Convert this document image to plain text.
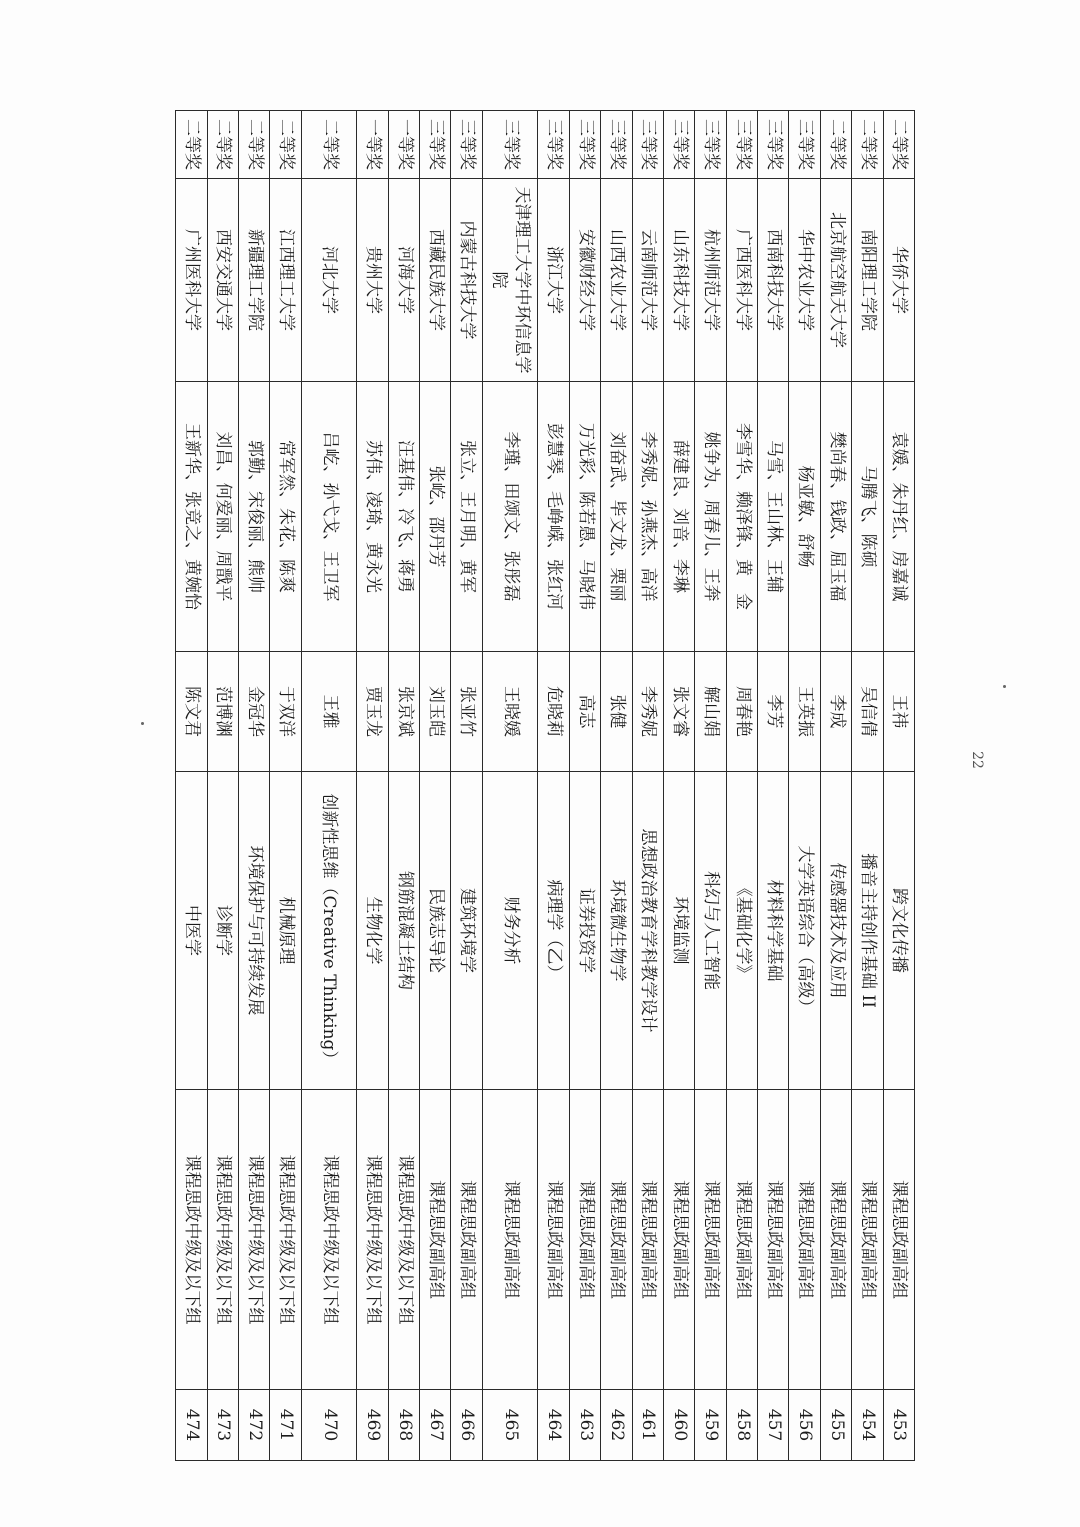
二等奖	华侨大学	袁媛、朱丹红、房嘉诚	王祎	跨文化传播	课程思政副高组	453
二等奖	南阳理工学院	马腾飞、陈硕	吴信倩	播音主持创作基础 II	课程思政副高组	454
二等奖	北京航空航天大学	樊尚春、钱政、屈玉福	李成	传感器技术及应用	课程思政副高组	455
三等奖	华中农业大学	杨亚敏、舒畅	王英振	大学英语综合（高级）	课程思政副高组	456
三等奖	西南科技大学	马雪、王山林、王辅	李芳	材料科学基础	课程思政副高组	457
三等奖	广西医科大学	李雪华、赖泽锋、黄　金	周春艳	《基础化学》	课程思政副高组	458
三等奖	杭州师范大学	姚争为、周春儿、王奔	解山娟	科幻与人工智能	课程思政副高组	459
三等奖	山东科技大学	薛建良、刘音、李琳	张文睿	环境监测	课程思政副高组	460
三等奖	云南师范大学	李秀妮、孙燕杰、高洋	李秀妮	思想政治教育学科教学设计	课程思政副高组	461
三等奖	山西农业大学	刘奋武、毕文龙、栗丽	张健	环境微生物学	课程思政副高组	462
三等奖	安徽财经大学	万光彩、陈若愚、马晓伟	高志	证券投资学	课程思政副高组	463
三等奖	浙江大学	彭慧琴、毛峥嵘、张红河	危晓莉	病理学（乙）	课程思政副高组	464
三等奖	天津理工大学中环信息学院	李瑾、田颂文、张彤磊	王晓媛	财务分析	课程思政副高组	465
三等奖	内蒙古科技大学	张立、王月明、黄军	张亚竹	建筑环境学	课程思政副高组	466
三等奖	西藏民族大学	张屹、邵丹芳	刘玉皑	民族志导论	课程思政副高组	467
一等奖	河海大学	汪基伟、冷飞、蒋勇	张京斌	钢筋混凝土结构	课程思政中级及以下组	468
一等奖	贵州大学	苏伟、凌琦、黄永光	贾玉龙	生物化学	课程思政中级及以下组	469
二等奖	河北大学	吕屹、孙弋戈、王卫军	王雅	创新性思维（Creative Thinking）	课程思政中级及以下组	470
二等奖	江西理工大学	常军然、朱花、陈爽	于双洋	机械原理	课程思政中级及以下组	471
二等奖	新疆理工学院	郭勤、宋俊丽、熊帅	金冠华	环境保护与可持续发展	课程思政中级及以下组	472
二等奖	西安交通大学	刘昌、何爱丽、周戬平	范博渊	诊断学	课程思政中级及以下组	473
二等奖	广州医科大学	王新华、张竞之、黄婉怡	陈文君	中医学	课程思政中级及以下组	474
22
